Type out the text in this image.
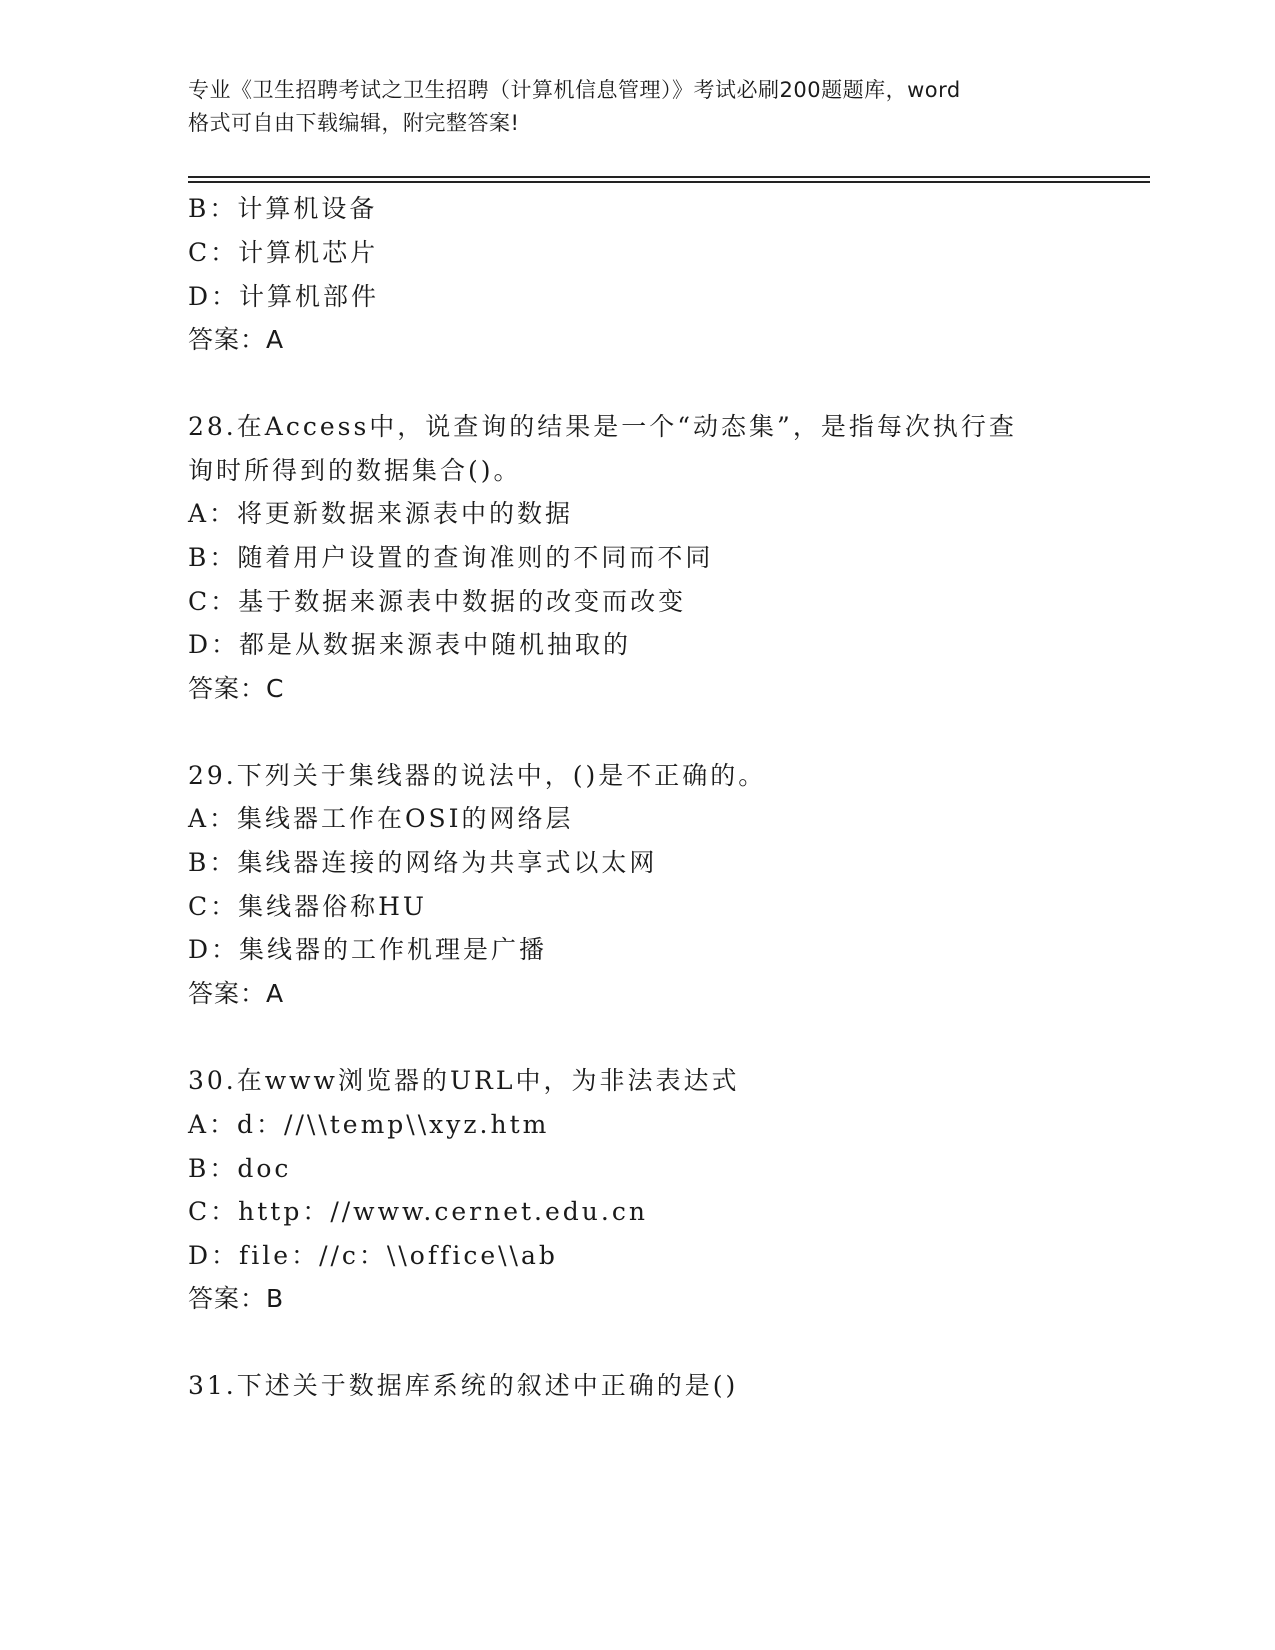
专业《卫生招聘考试之卫生招聘（计算机信息管理）》考试必刷200题题库，word
格式可自由下载编辑，附完整答案!
B：计算机设备
C：计算机芯片
D：计算机部件
答案：A
28.在Access中，说查询的结果是一个“动态集”，是指每次执行查
询时所得到的数据集合()。
A：将更新数据来源表中的数据
B：随着用户设置的查询准则的不同而不同
C：基于数据来源表中数据的改变而改变
D：都是从数据来源表中随机抽取的
答案：C
29.下列关于集线器的说法中，()是不正确的。
A：集线器工作在OSI的网络层
B：集线器连接的网络为共享式以太网
C：集线器俗称HU
D：集线器的工作机理是广播
答案：A
30.在www浏览器的URL中，为非法表达式
A：d：//\\temp\\xyz.htm
B：doc
C：http：//www.cernet.edu.cn
D：file：//c：\\office\\ab
答案：B
31.下述关于数据库系统的叙述中正确的是()
